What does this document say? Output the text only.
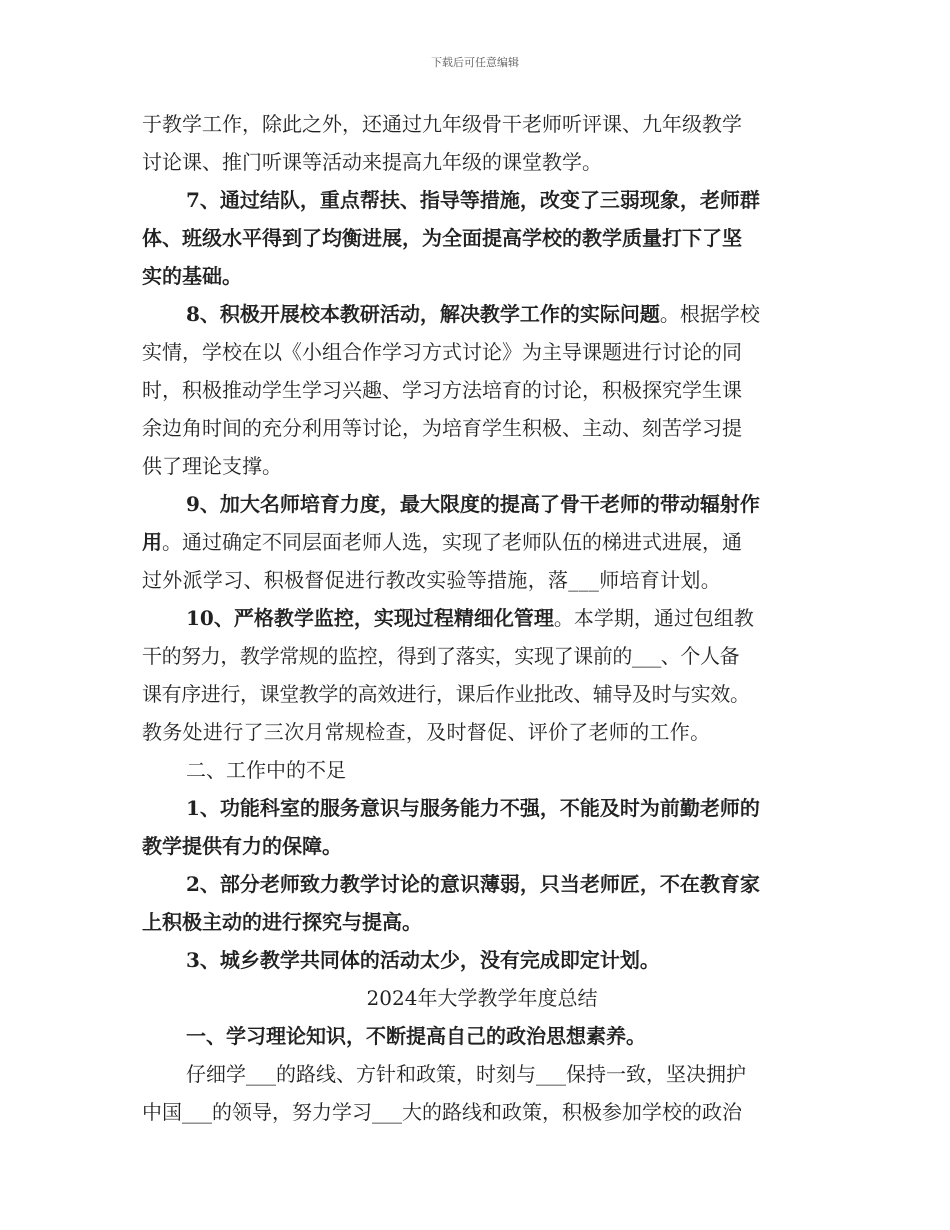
下载后可任意编辑
于教学工作，除此之外，还通过九年级骨干老师听评课、九年级教学
讨论课、推门听课等活动来提高九年级的课堂教学。
7、通过结队，重点帮扶、指导等措施，改变了三弱现象，老师群
体、班级水平得到了均衡进展，为全面提高学校的教学质量打下了坚
实的基础。
8、积极开展校本教研活动，解决教学工作的实际问题。根据学校
实情，学校在以《小组合作学习方式讨论》为主导课题进行讨论的同
时，积极推动学生学习兴趣、学习方法培育的讨论，积极探究学生课
余边角时间的充分利用等讨论，为培育学生积极、主动、刻苦学习提
供了理论支撑。
9、加大名师培育力度，最大限度的提高了骨干老师的带动辐射作
用。通过确定不同层面老师人选，实现了老师队伍的梯进式进展，通
过外派学习、积极督促进行教改实验等措施，落___师培育计划。
10、严格教学监控，实现过程精细化管理。本学期，通过包组教
干的努力，教学常规的监控，得到了落实，实现了课前的___、个人备
课有序进行，课堂教学的高效进行，课后作业批改、辅导及时与实效。
教务处进行了三次月常规检查，及时督促、评价了老师的工作。
二、工作中的不足
1、功能科室的服务意识与服务能力不强，不能及时为前勤老师的
教学提供有力的保障。
2、部分老师致力教学讨论的意识薄弱，只当老师匠，不在教育家
上积极主动的进行探究与提高。
3、城乡教学共同体的活动太少，没有完成即定计划。
2024年大学教学年度总结
一、学习理论知识，不断提高自己的政治思想素养。
仔细学___的路线、方针和政策，时刻与___保持一致，坚决拥护
中国___的领导，努力学习___大的路线和政策，积极参加学校的政治
